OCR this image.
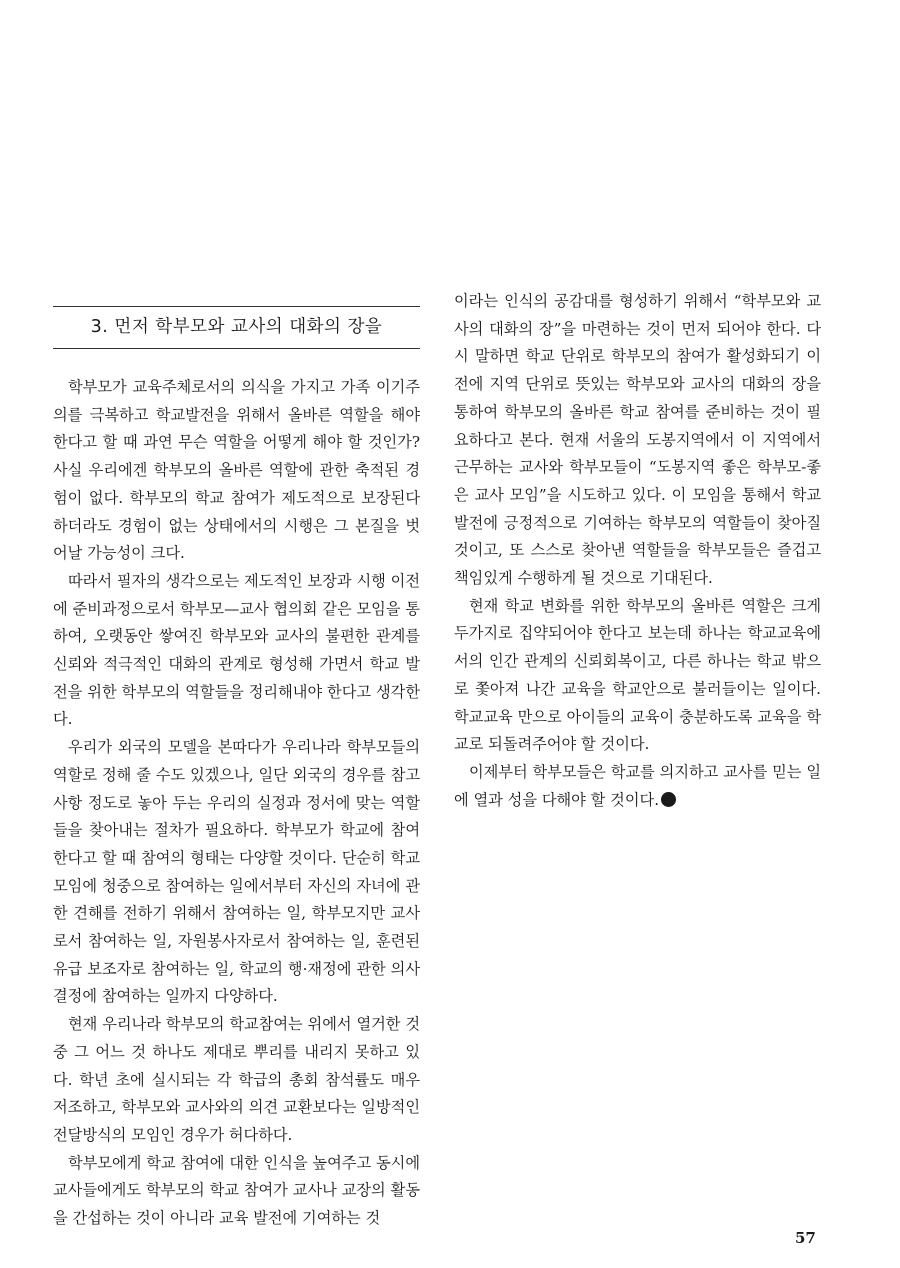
3. 먼저 학부모와 교사의 대화의 장을

학부모가 교육주체로서의 의식을 가지고 가족 이기주의를 극복하고 학교발전을 위해서 올바른 역할을 해야 한다고 할 때 과연 무슨 역할을 어떻게 해야 할 것인가? 사실 우리에겐 학부모의 올바른 역할에 관한 축적된 경험이 없다. 학부모의 학교 참여가 제도적으로 보장된다 하더라도 경험이 없는 상태에서의 시행은 그 본질을 벗어날 가능성이 크다.

따라서 필자의 생각으로는 제도적인 보장과 시행 이전에 준비과정으로서 학부모—교사 협의회 같은 모임을 통하여, 오랫동안 쌓여진 학부모와 교사의 불편한 관계를 신뢰와 적극적인 대화의 관계로 형성해 가면서 학교 발전을 위한 학부모의 역할들을 정리해내야 한다고 생각한다.

우리가 외국의 모델을 본따다가 우리나라 학부모들의 역할로 정해 줄 수도 있겠으나, 일단 외국의 경우를 참고 사항 정도로 놓아 두는 우리의 실정과 정서에 맞는 역할들을 찾아내는 절차가 필요하다. 학부모가 학교에 참여한다고 할 때 참여의 형태는 다양할 것이다. 단순히 학교모임에 청중으로 참여하는 일에서부터 자신의 자녀에 관한 견해를 전하기 위해서 참여하는 일, 학부모지만 교사로서 참여하는 일, 자원봉사자로서 참여하는 일, 훈련된 유급 보조자로 참여하는 일, 학교의 행·재정에 관한 의사 결정에 참여하는 일까지 다양하다.

현재 우리나라 학부모의 학교참여는 위에서 열거한 것 중 그 어느 것 하나도 제대로 뿌리를 내리지 못하고 있다. 학년 초에 실시되는 각 학급의 총회 참석률도 매우 저조하고, 학부모와 교사와의 의견 교환보다는 일방적인 전달방식의 모임인 경우가 허다하다.

학부모에게 학교 참여에 대한 인식을 높여주고 동시에 교사들에게도 학부모의 학교 참여가 교사나 교장의 활동을 간섭하는 것이 아니라 교육 발전에 기여하는 것

이라는 인식의 공감대를 형성하기 위해서 “학부모와 교사의 대화의 장”을 마련하는 것이 먼저 되어야 한다. 다시 말하면 학교 단위로 학부모의 참여가 활성화되기 이전에 지역 단위로 뜻있는 학부모와 교사의 대화의 장을 통하여 학부모의 올바른 학교 참여를 준비하는 것이 필요하다고 본다. 현재 서울의 도봉지역에서 이 지역에서 근무하는 교사와 학부모들이 “도봉지역 좋은 학부모-좋은 교사 모임”을 시도하고 있다. 이 모임을 통해서 학교 발전에 긍정적으로 기여하는 학부모의 역할들이 찾아질 것이고, 또 스스로 찾아낸 역할들을 학부모들은 즐겁고 책임있게 수행하게 될 것으로 기대된다.

현재 학교 변화를 위한 학부모의 올바른 역할은 크게 두가지로 집약되어야 한다고 보는데 하나는 학교교육에서의 인간 관계의 신뢰회복이고, 다른 하나는 학교 밖으로 쫓아져 나간 교육을 학교안으로 불러들이는 일이다. 학교교육 만으로 아이들의 교육이 충분하도록 교육을 학교로 되돌려주어야 할 것이다.

이제부터 학부모들은 학교를 의지하고 교사를 믿는 일에 열과 성을 다해야 할 것이다.

57
